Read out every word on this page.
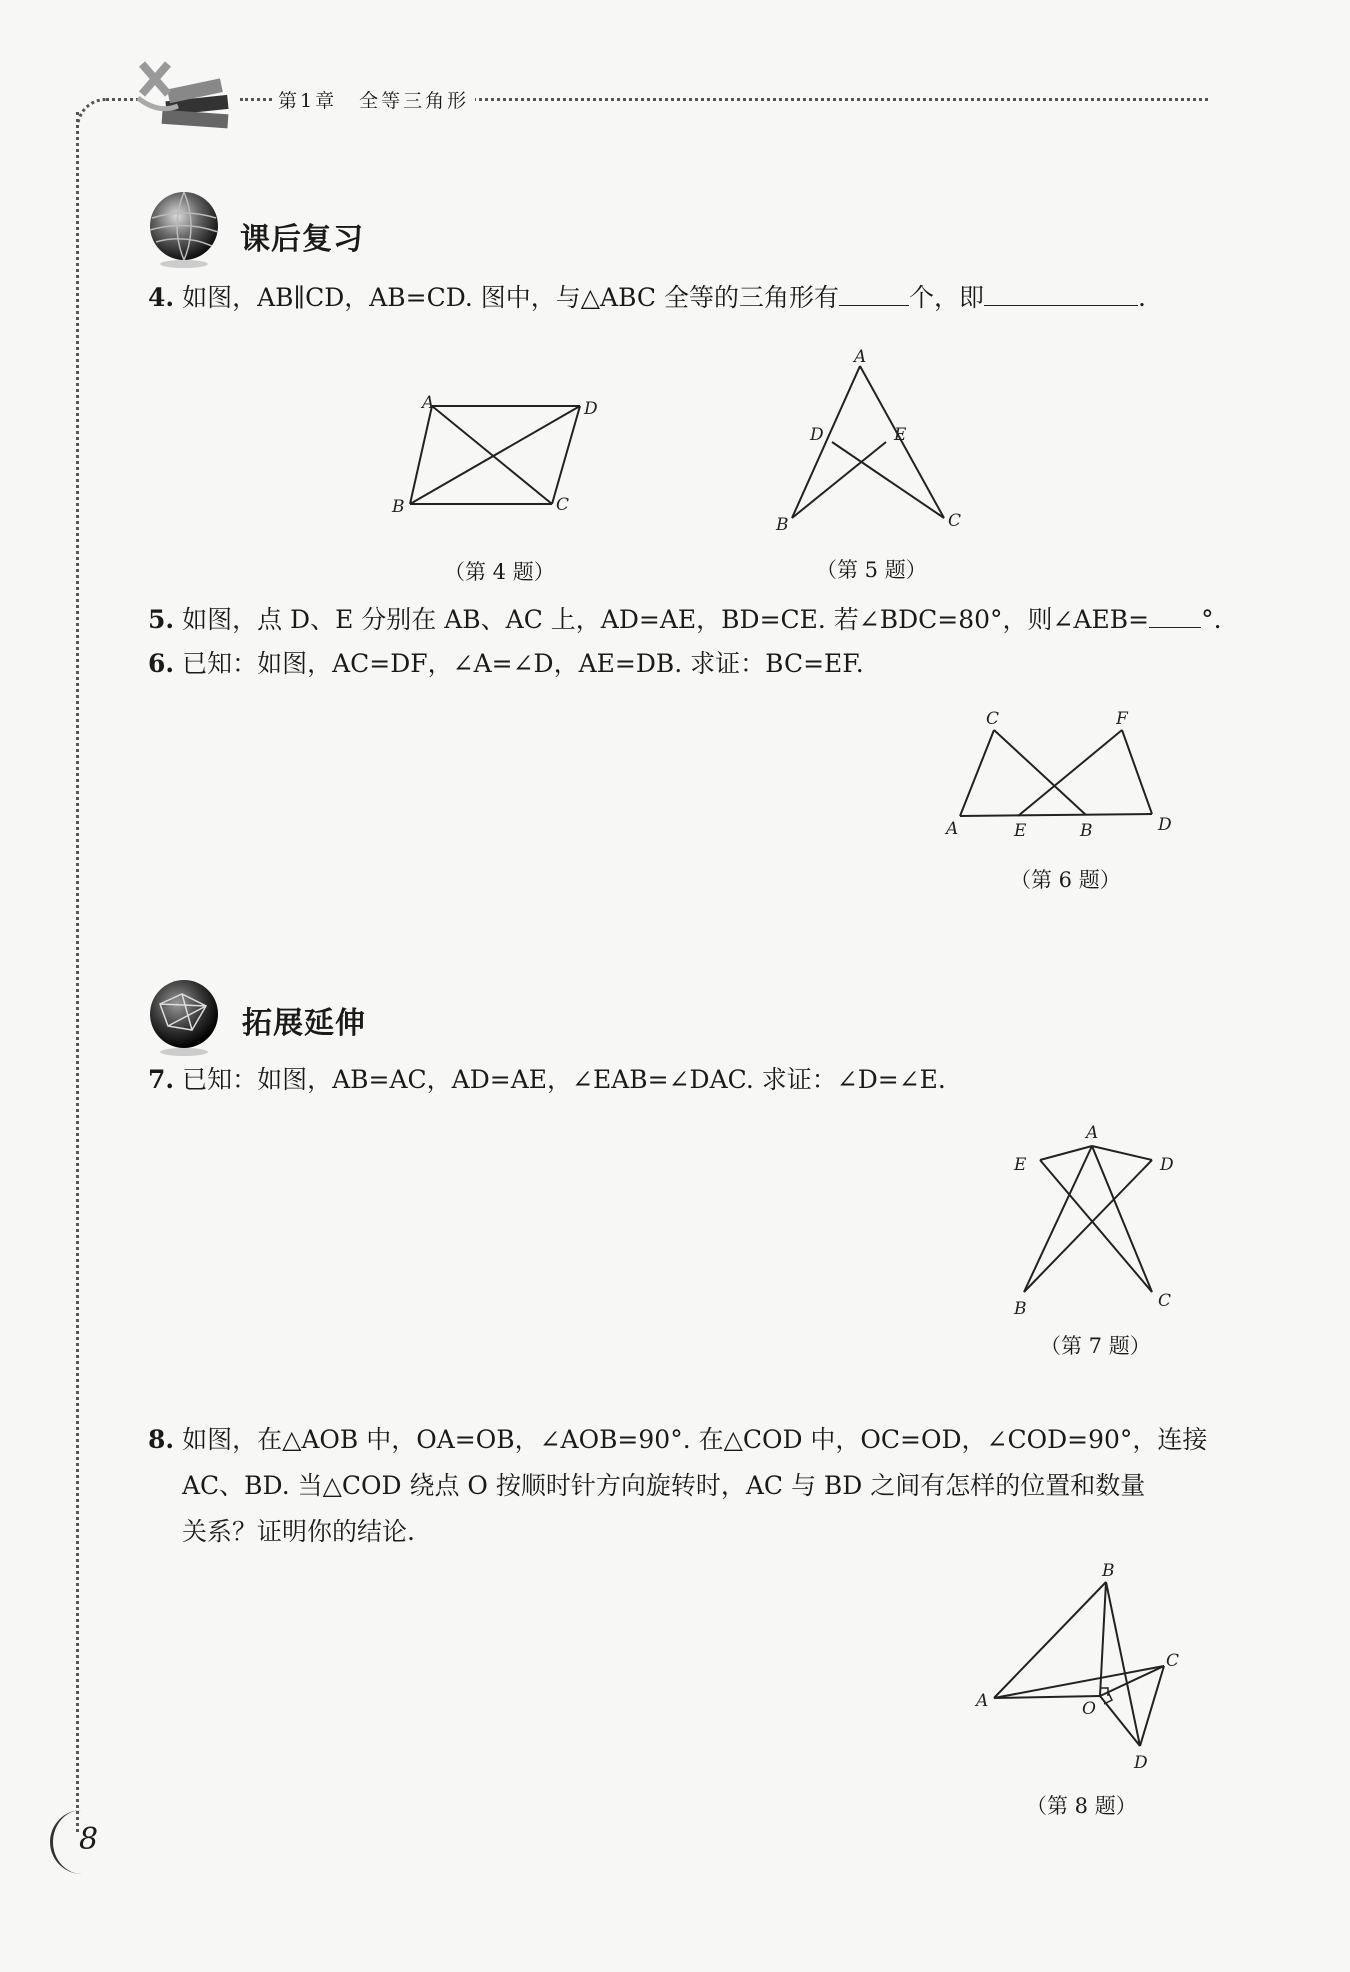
第1章　全等三角形
课后复习
4. 如图，AB∥CD，AB=CD. 图中，与△ABC 全等的三角形有	个，即	.
A	D
B	C
（第 4 题）
A
D	E
B	C
（第 5 题）
5. 如图，点 D、E 分别在 AB、AC 上，AD=AE，BD=CE. 若∠BDC=80°，则∠AEB= °.
6. 已知：如图，AC=DF，∠A=∠D，AE=DB. 求证：BC=EF.
C	F
A	E	B	D
（第 6 题）
拓展延伸
7. 已知：如图，AB=AC，AD=AE，∠EAB=∠DAC. 求证：∠D=∠E.
A
E	D
B	C
（第 7 题）
8. 如图，在△AOB 中，OA=OB，∠AOB=90°. 在△COD 中，OC=OD，∠COD=90°，连接
AC、BD. 当△COD 绕点 O 按顺时针方向旋转时，AC 与 BD 之间有怎样的位置和数量
关系？证明你的结论.
B
A
C
O
D
（第 8 题）
8
